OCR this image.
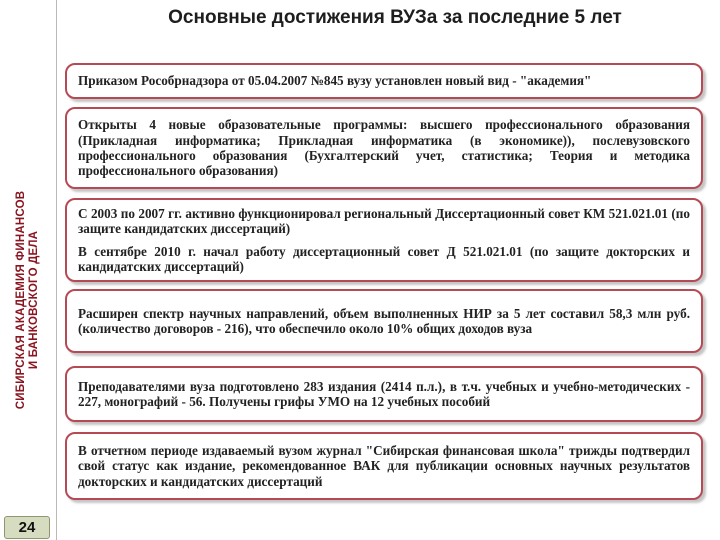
СИБИРСКАЯ АКАДЕМИЯ ФИНАНСОВ И БАНКОВСКОГО ДЕЛА
24
Основные достижения ВУЗа за последние 5 лет

Приказом Рособрнадзора от 05.04.2007 №845 вузу установлен новый вид - "академия"

Открыты 4 новые образовательные программы: высшего профессионального образования (Прикладная информатика; Прикладная информатика (в экономике)), послевузовского профессионального образования (Бухгалтерский учет, статистика; Теория и методика профессионального образования)

С 2003 по 2007 гг. активно функционировал региональный Диссертационный совет КМ 521.021.01 (по защите кандидатских диссертаций)

В сентябре 2010 г. начал работу диссертационный совет Д 521.021.01 (по защите докторских и кандидатских диссертаций)

Расширен спектр научных направлений, объем выполненных НИР за 5 лет составил 58,3 млн руб. (количество договоров - 216), что обеспечило около 10% общих доходов вуза

Преподавателями вуза подготовлено 283 издания (2414 п.л.), в т.ч. учебных и учебно-методических - 227, монографий - 56. Получены грифы УМО на 12 учебных пособий

В отчетном периоде издаваемый вузом журнал "Сибирская финансовая школа" трижды подтвердил свой статус как издание, рекомендованное ВАК для публикации основных научных результатов докторских и кандидатских диссертаций
